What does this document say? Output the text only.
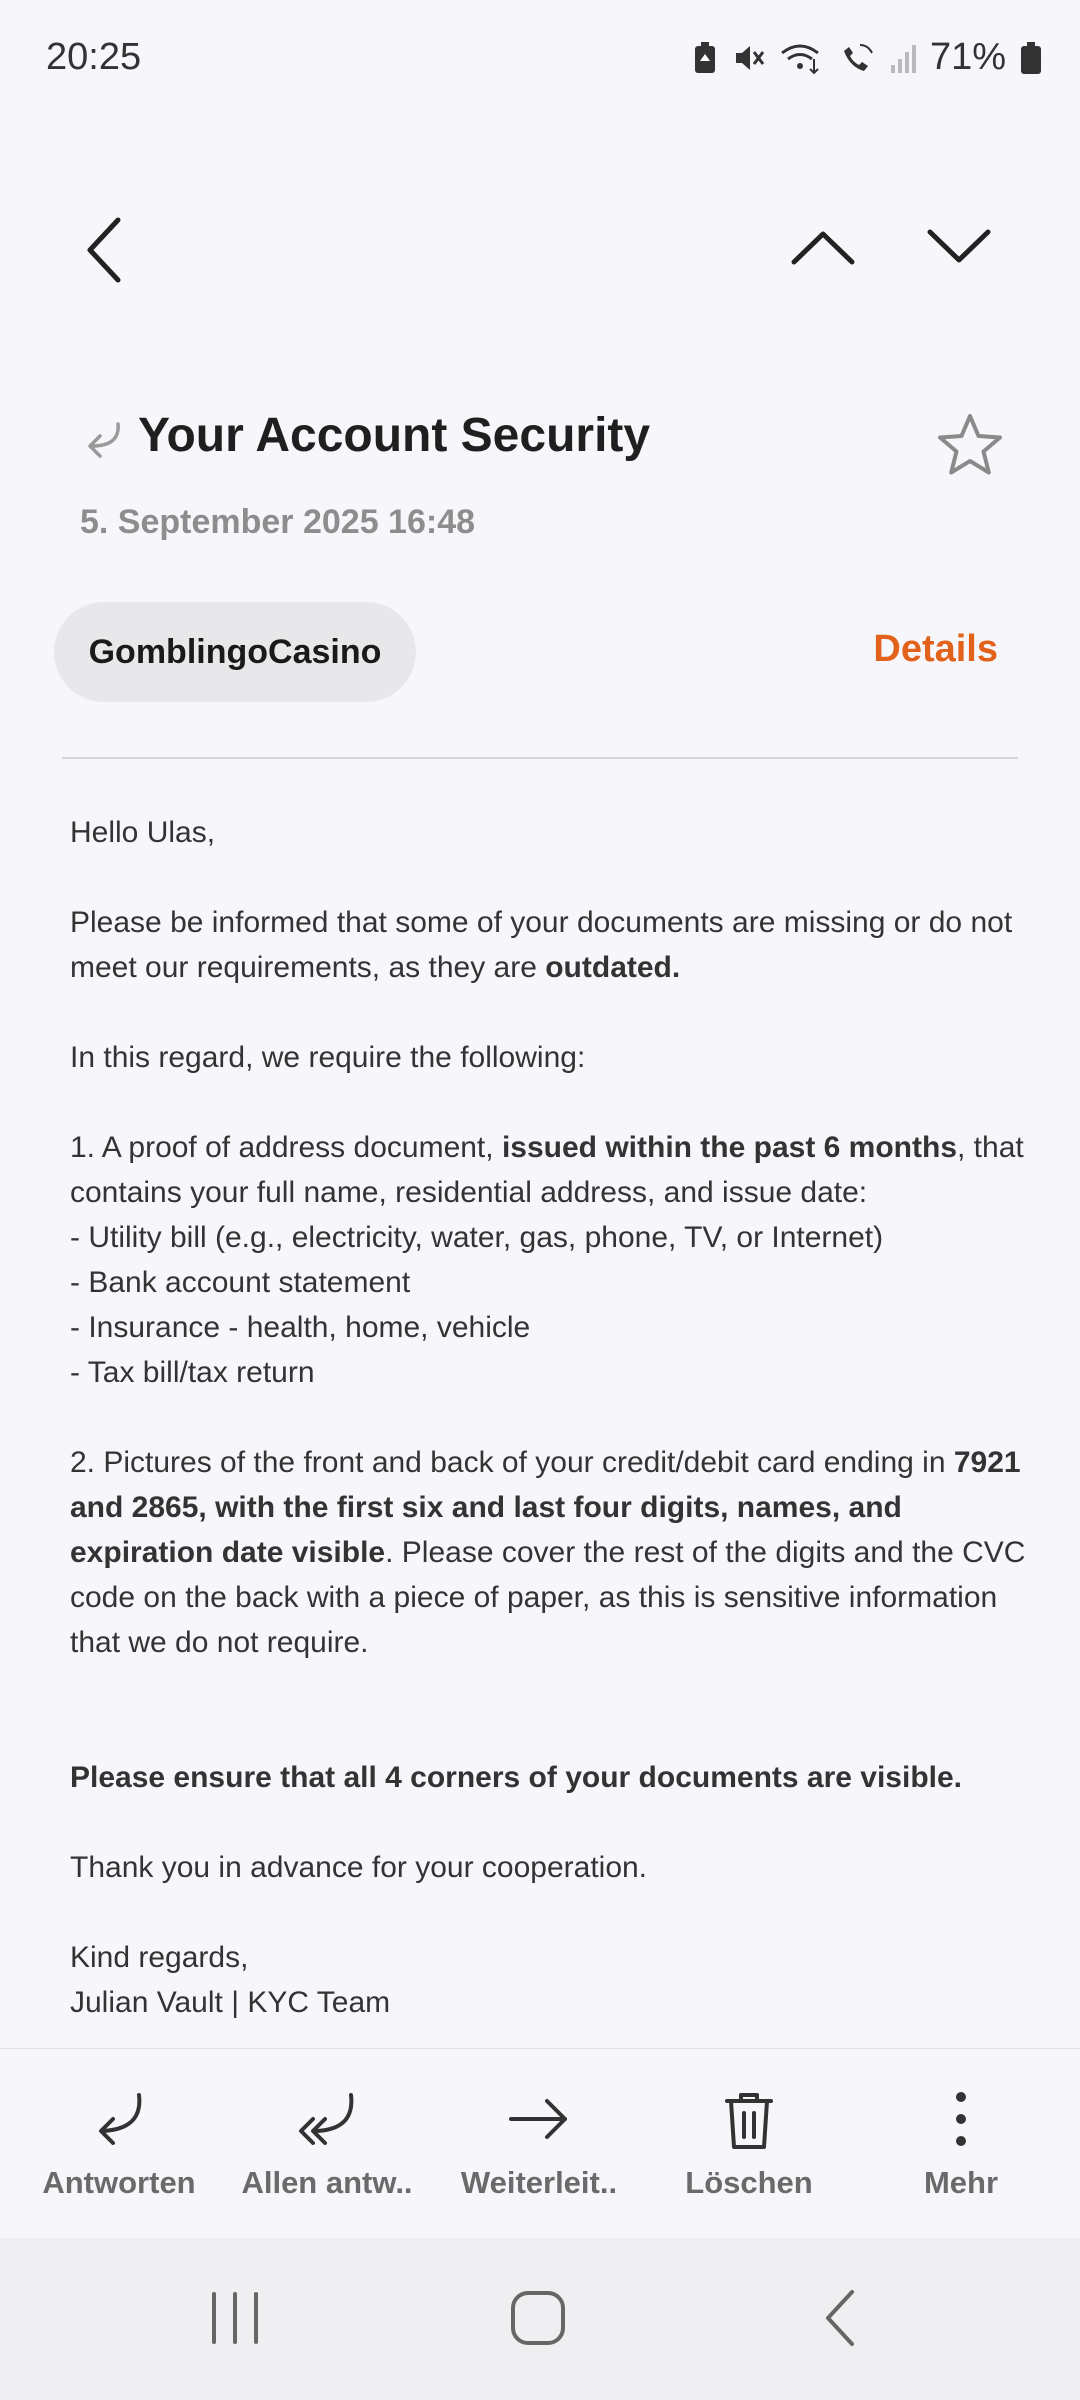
20:25	71%
Your Account Security
5. September 2025 16:48
GomblingoCasino	Details

Hello Ulas,

Please be informed that some of your documents are missing or do not meet our requirements, as they are outdated.

In this regard, we require the following:

1. A proof of address document, issued within the past 6 months, that contains your full name, residential address, and issue date:

- Utility bill (e.g., electricity, water, gas, phone, TV, or Internet)

- Bank account statement

- Insurance - health, home, vehicle

- Tax bill/tax return

2. Pictures of the front and back of your credit/debit card ending in 7921 and 2865, with the first six and last four digits, names, and expiration date visible. Please cover the rest of the digits and the CVC code on the back with a piece of paper, as this is sensitive information that we do not require.

Please ensure that all 4 corners of your documents are visible.

Thank you in advance for your cooperation.

Kind regards,

Julian Vault | KYC Team

Antworten	Allen antw..	Weiterleit..	Löschen	Mehr
